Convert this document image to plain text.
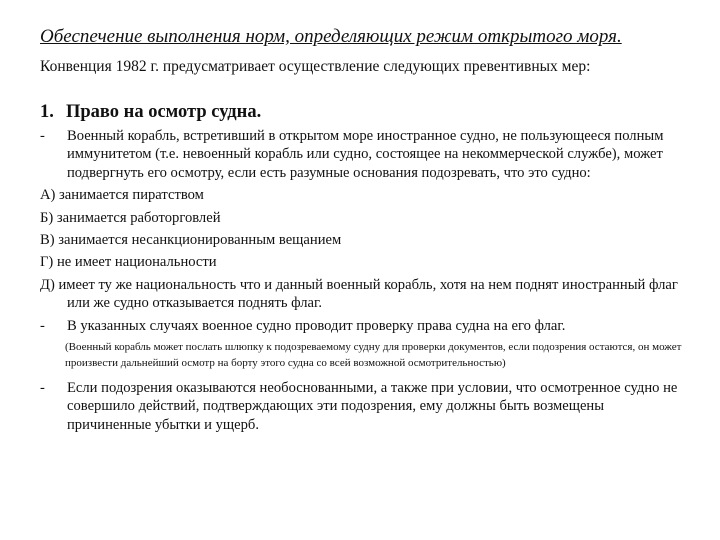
Обеспечение выполнения норм, определяющих режим открытого моря.
Конвенция 1982 г. предусматривает осуществление следующих превентивных мер:
1. Право на осмотр судна.
- Военный корабль, встретивший в открытом море иностранное судно, не пользующееся полным иммунитетом (т.е. невоенный корабль или судно, состоящее на некоммерческой службе), может подвергнуть его осмотру, если есть разумные основания подозревать, что это судно:
А) занимается пиратством
Б) занимается работорговлей
В) занимается несанкционированным вещанием
Г) не имеет национальности
Д) имеет ту же национальность что и данный военный корабль, хотя на нем поднят иностранный флаг или же судно отказывается поднять флаг.
- В указанных случаях военное судно проводит проверку права судна на его флаг.
(Военный корабль может послать шлюпку к подозреваемому судну для проверки документов, если подозрения остаются, он может произвести дальнейший осмотр на борту этого судна со всей возможной осмотрительностью)
- Если подозрения оказываются необоснованными, а также при условии, что осмотренное судно не совершило действий, подтверждающих эти подозрения, ему должны быть возмещены причиненные убытки и ущерб.
